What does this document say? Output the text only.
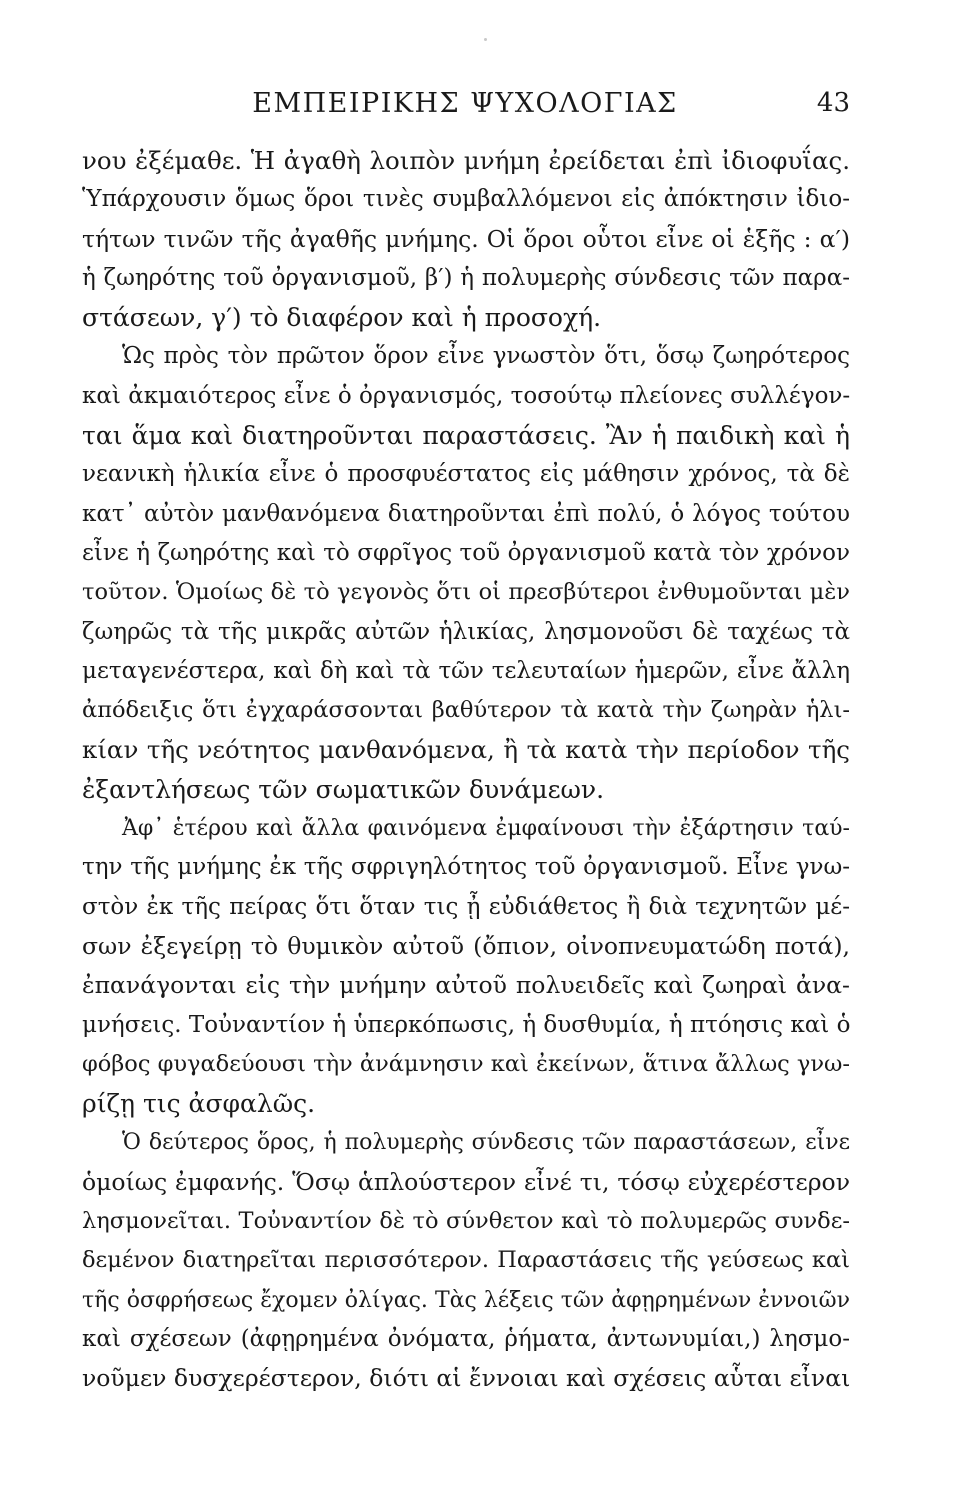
ΕΜΠΕΙΡΙΚΗΣ ΨΥΧΟΛΟΓΙΑΣ	43
νου ἐξέμαθε. Ἡ ἀγαθὴ λοιπὸν μνήμη ἐρείδεται ἐπὶ ἰδιοφυΐας.
Ὑπάρχουσιν ὅμως ὅροι τινὲς συμβαλλόμενοι εἰς ἀπόκτησιν ἰδιο-
τήτων τινῶν τῆς ἀγαθῆς μνήμης. Οἱ ὅροι οὗτοι εἶνε οἱ ἑξῆς : α′)
ἡ ζωηρότης τοῦ ὀργανισμοῦ, β′) ἡ πολυμερὴς σύνδεσις τῶν παρα-
στάσεων, γ′) τὸ διαφέρον καὶ ἡ προσοχή.
Ὡς πρὸς τὸν πρῶτον ὅρον εἶνε γνωστὸν ὅτι, ὅσῳ ζωηρότερος
καὶ ἀκμαιότερος εἶνε ὁ ὀργανισμός, τοσούτῳ πλείονες συλλέγον-
ται ἅμα καὶ διατηροῦνται παραστάσεις. Ἂν ἡ παιδικὴ καὶ ἡ
νεανικὴ ἡλικία εἶνε ὁ προσφυέστατος εἰς μάθησιν χρόνος, τὰ δὲ
κατ᾿ αὐτὸν μανθανόμενα διατηροῦνται ἐπὶ πολύ, ὁ λόγος τούτου
εἶνε ἡ ζωηρότης καὶ τὸ σφρῖγος τοῦ ὀργανισμοῦ κατὰ τὸν χρόνον
τοῦτον. Ὁμοίως δὲ τὸ γεγονὸς ὅτι οἱ πρεσβύτεροι ἐνθυμοῦνται μὲν
ζωηρῶς τὰ τῆς μικρᾶς αὐτῶν ἡλικίας, λησμονοῦσι δὲ ταχέως τὰ
μεταγενέστερα, καὶ δὴ καὶ τὰ τῶν τελευταίων ἡμερῶν, εἶνε ἄλλη
ἀπόδειξις ὅτι ἐγχαράσσονται βαθύτερον τὰ κατὰ τὴν ζωηρὰν ἡλι-
κίαν τῆς νεότητος μανθανόμενα, ἢ τὰ κατὰ τὴν περίοδον τῆς
ἐξαντλήσεως τῶν σωματικῶν δυνάμεων.
Ἀφ᾿ ἑτέρου καὶ ἄλλα φαινόμενα ἐμφαίνουσι τὴν ἐξάρτησιν ταύ-
την τῆς μνήμης ἐκ τῆς σφριγηλότητος τοῦ ὀργανισμοῦ. Εἶνε γνω-
στὸν ἐκ τῆς πείρας ὅτι ὅταν τις ᾖ εὐδιάθετος ἢ διὰ τεχνητῶν μέ-
σων ἐξεγείρῃ τὸ θυμικὸν αὐτοῦ (ὄπιον, οἰνοπνευματώδη ποτά),
ἐπανάγονται εἰς τὴν μνήμην αὐτοῦ πολυειδεῖς καὶ ζωηραὶ ἀνα-
μνήσεις. Τοὐναντίον ἡ ὑπερκόπωσις, ἡ δυσθυμία, ἡ πτόησις καὶ ὁ
φόβος φυγαδεύουσι τὴν ἀνάμνησιν καὶ ἐκείνων, ἅτινα ἄλλως γνω-
ρίζῃ τις ἀσφαλῶς.
Ὁ δεύτερος ὅρος, ἡ πολυμερὴς σύνδεσις τῶν παραστάσεων, εἶνε
ὁμοίως ἐμφανής. Ὅσῳ ἁπλούστερον εἶνέ τι, τόσῳ εὐχερέστερον
λησμονεῖται. Τοὐναντίον δὲ τὸ σύνθετον καὶ τὸ πολυμερῶς συνδε-
δεμένον διατηρεῖται περισσότερον. Παραστάσεις τῆς γεύσεως καὶ
τῆς ὀσφρήσεως ἔχομεν ὀλίγας. Τὰς λέξεις τῶν ἀφῃρημένων ἐννοιῶν
καὶ σχέσεων (ἀφῃρημένα ὀνόματα, ῥήματα, ἀντωνυμίαι,) λησμο-
νοῦμεν δυσχερέστερον, διότι αἱ ἔννοιαι καὶ σχέσεις αὗται εἶναι
